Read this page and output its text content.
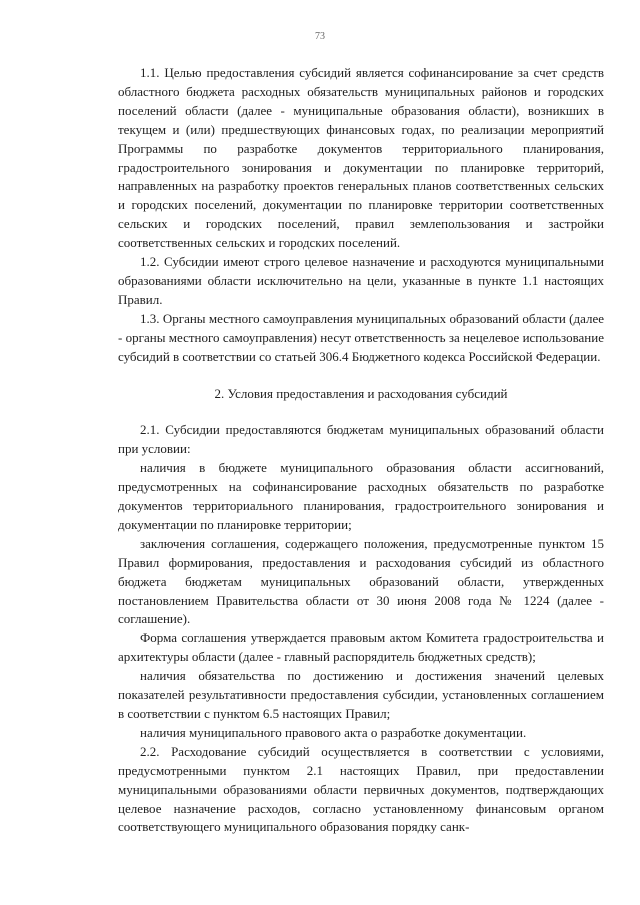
73

1.1. Целью предоставления субсидий является софинансирование за счет средств областного бюджета расходных обязательств муниципальных районов и городских поселений области (далее - муниципальные образования области), возникших в текущем и (или) предшествующих финансовых годах, по реализации мероприятий Программы по разработке документов территориального планирования, градостроительного зонирования и документации по планировке территорий, направленных на разработку проектов генеральных планов соответственных сельских и городских поселений, документации по планировке территории соответственных сельских и городских поселений, правил землепользования и застройки соответственных сельских и городских поселений.

1.2. Субсидии имеют строго целевое назначение и расходуются муниципальными образованиями области исключительно на цели, указанные в пункте 1.1 настоящих Правил.

1.3. Органы местного самоуправления муниципальных образований области (далее - органы местного самоуправления) несут ответственность за нецелевое использование субсидий в соответствии со статьей 306.4 Бюджетного кодекса Российской Федерации.

2. Условия предоставления и расходования субсидий

2.1. Субсидии предоставляются бюджетам муниципальных образований области при условии:

наличия в бюджете муниципального образования области ассигнований, предусмотренных на софинансирование расходных обязательств по разработке документов территориального планирования, градостроительного зонирования и документации по планировке территории;

заключения соглашения, содержащего положения, предусмотренные пунктом 15 Правил формирования, предоставления и расходования субсидий из областного бюджета бюджетам муниципальных образований области, утвержденных постановлением Правительства области от 30 июня 2008 года № 1224 (далее - соглашение).

Форма соглашения утверждается правовым актом Комитета градостроительства и архитектуры области (далее - главный распорядитель бюджетных средств);

наличия обязательства по достижению и достижения значений целевых показателей результативности предоставления субсидии, установленных соглашением в соответствии с пунктом 6.5 настоящих Правил;

наличия муниципального правового акта о разработке документации.

2.2. Расходование субсидий осуществляется в соответствии с условиями, предусмотренными пунктом 2.1 настоящих Правил, при предоставлении муниципальными образованиями области первичных документов, подтверждающих целевое назначение расходов, согласно установленному финансовым органом соответствующего муниципального образования порядку санк-
